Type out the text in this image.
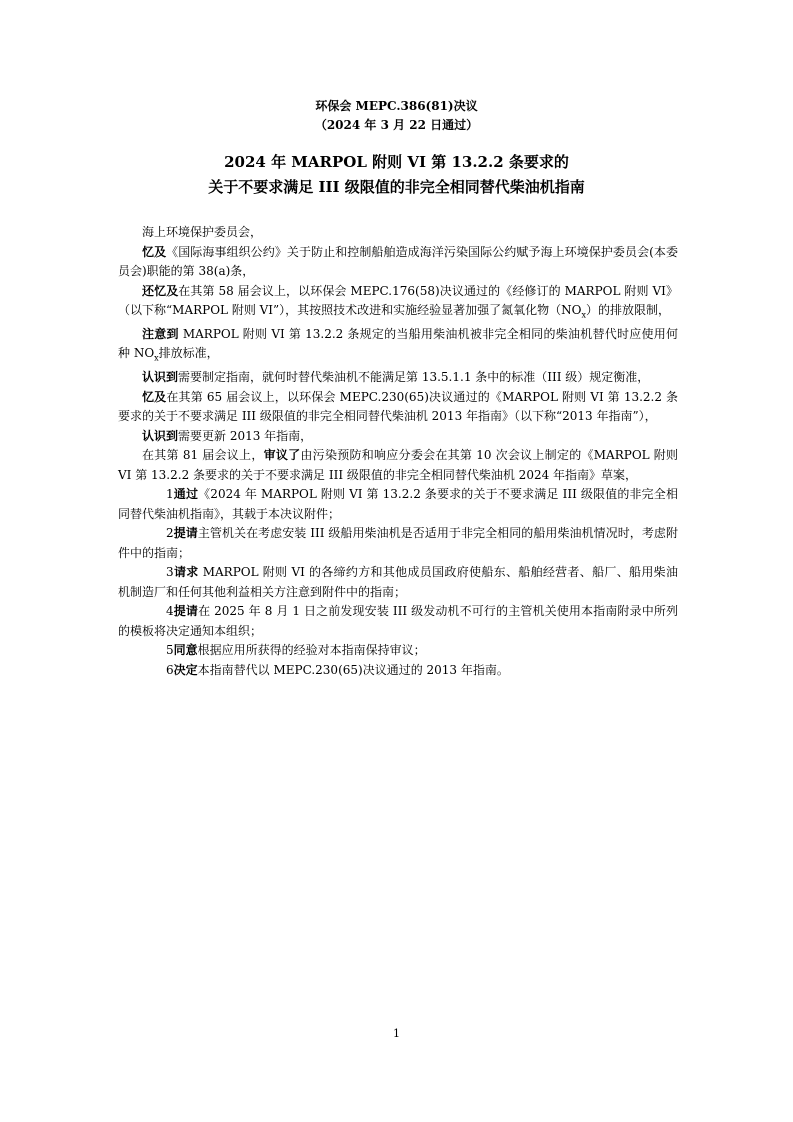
环保会 MEPC.386(81)决议
（2024 年 3 月 22 日通过）
2024 年 MARPOL 附则 VI 第 13.2.2 条要求的
关于不要求满足 III 级限值的非完全相同替代柴油机指南

海上环境保护委员会，

忆及《国际海事组织公约》关于防止和控制船舶造成海洋污染国际公约赋予海上环境保护委员会(本委员会)职能的第 38(a)条，

还忆及在其第 58 届会议上，以环保会 MEPC.176(58)决议通过的《经修订的 MARPOL 附则 VI》（以下称“MARPOL 附则 VI”），其按照技术改进和实施经验显著加强了氮氧化物$(NO_x)$的排放限制，

注意到 MARPOL 附则 VI 第 13.2.2 条规定的当船用柴油机被非完全相同的柴油机替代时应使用何种 $NO_x$排放标准，

认识到需要制定指南，就何时替代柴油机不能满足第 13.5.1.1 条中的标准（III 级）规定衡准，

忆及在其第 65 届会议上，以环保会 MEPC.230(65)决议通过的《MARPOL 附则 VI 第 13.2.2 条要求的关于不要求满足 III 级限值的非完全相同替代柴油机 2013 年指南》（以下称“2013 年指南”），

认识到需要更新 2013 年指南，

在其第 81 届会议上，审议了由污染预防和响应分委会在其第 10 次会议上制定的《MARPOL 附则 VI 第 13.2.2 条要求的关于不要求满足 III 级限值的非完全相同替代柴油机 2024 年指南》草案，

1通过《2024 年 MARPOL 附则 VI 第 13.2.2 条要求的关于不要求满足 III 级限值的非完全相同替代柴油机指南》，其载于本决议附件；

2提请主管机关在考虑安装 III 级船用柴油机是否适用于非完全相同的船用柴油机情况时，考虑附件中的指南；

3请求 MARPOL 附则 VI 的各缔约方和其他成员国政府使船东、船舶经营者、船厂、船用柴油机制造厂和任何其他利益相关方注意到附件中的指南；

4提请在 2025 年 8 月 1 日之前发现安装 III 级发动机不可行的主管机关使用本指南附录中所列的模板将决定通知本组织；

5同意根据应用所获得的经验对本指南保持审议；

6决定本指南替代以 MEPC.230(65)决议通过的 2013 年指南。

1
